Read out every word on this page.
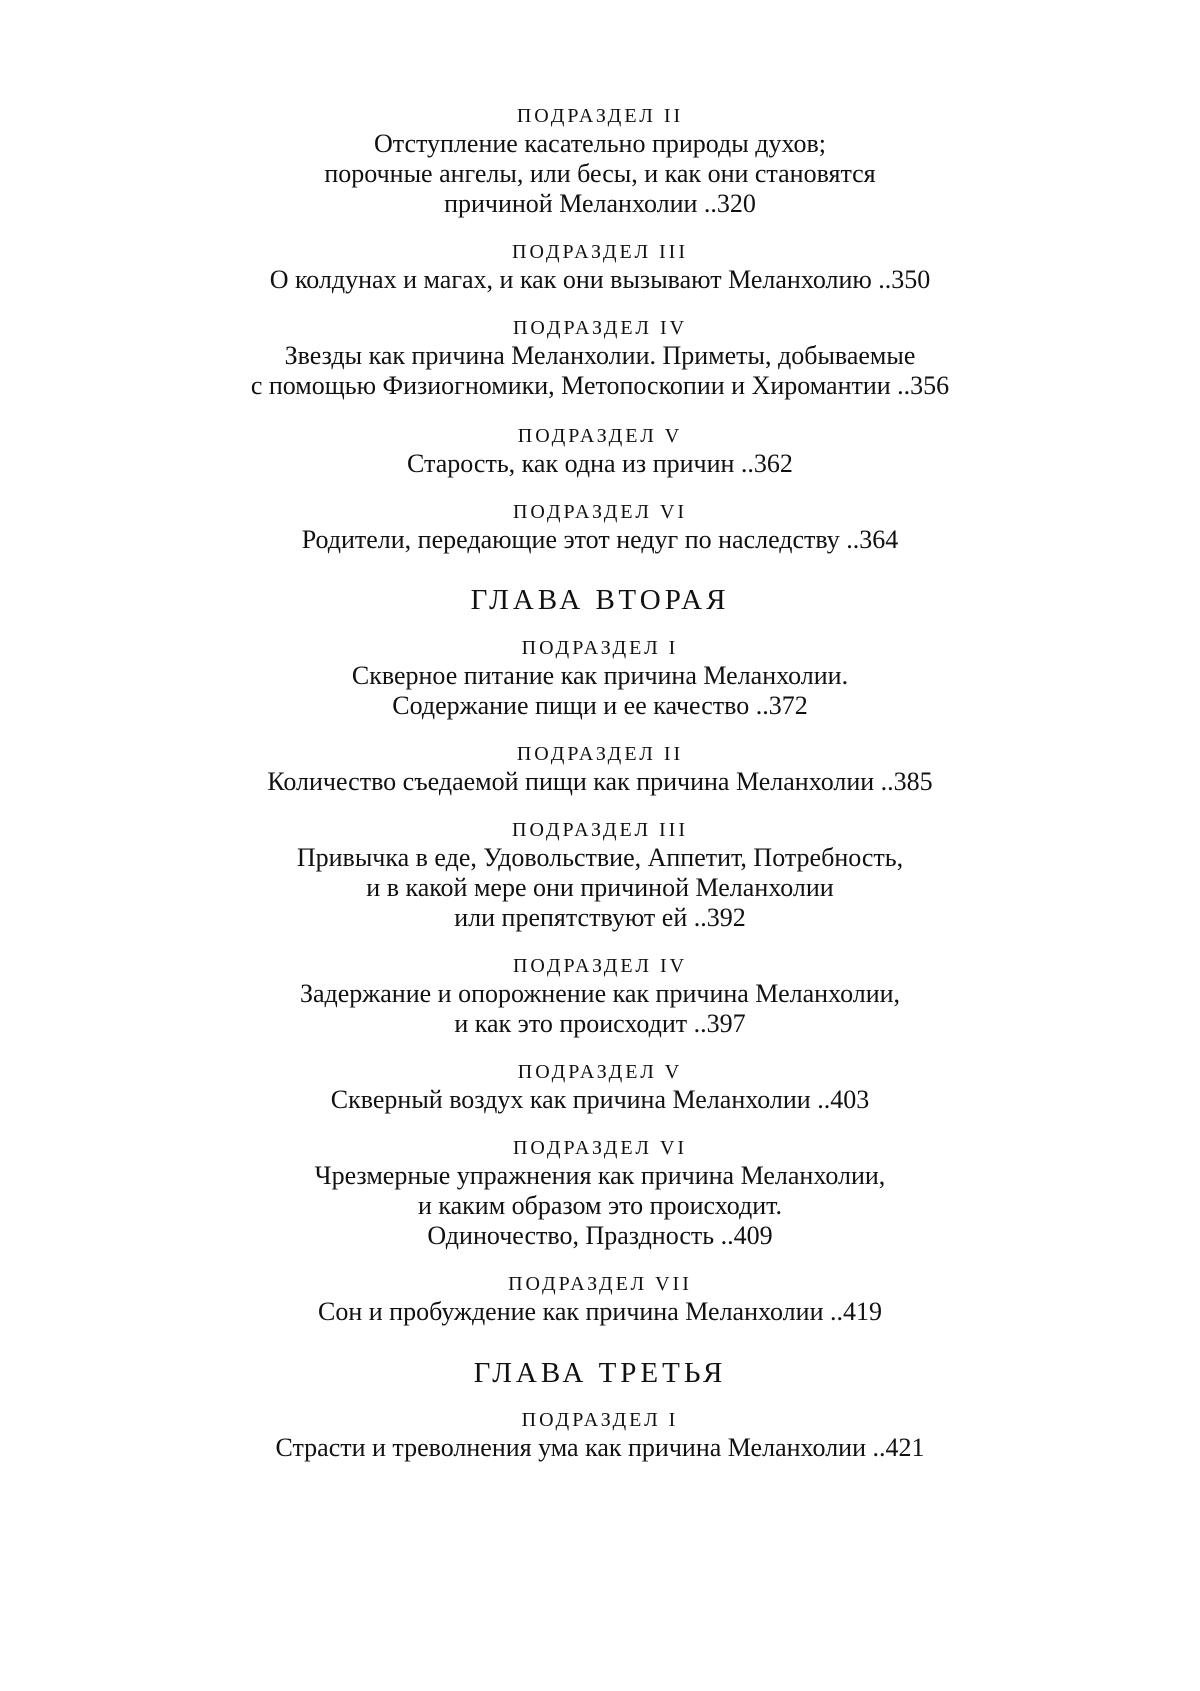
ПОДРАЗДЕЛ II
Отступление касательно природы духов;
порочные ангелы, или бесы, и как они становятся
причиной Меланхолии ..320
ПОДРАЗДЕЛ III
О колдунах и магах, и как они вызывают Меланхолию ..350
ПОДРАЗДЕЛ IV
Звезды как причина Меланхолии. Приметы, добываемые
с помощью Физиогномики, Метопоскопии и Хиромантии ..356
ПОДРАЗДЕЛ V
Старость, как одна из причин ..362
ПОДРАЗДЕЛ VI
Родители, передающие этот недуг по наследству ..364
ГЛАВА ВТОРАЯ
ПОДРАЗДЕЛ I
Скверное питание как причина Меланхолии.
Содержание пищи и ее качество ..372
ПОДРАЗДЕЛ II
Количество съедаемой пищи как причина Меланхолии ..385
ПОДРАЗДЕЛ III
Привычка в еде, Удовольствие, Аппетит, Потребность,
и в какой мере они причиной Меланхолии
или препятствуют ей ..392
ПОДРАЗДЕЛ IV
Задержание и опорожнение как причина Меланхолии,
и как это происходит ..397
ПОДРАЗДЕЛ V
Скверный воздух как причина Меланхолии ..403
ПОДРАЗДЕЛ VI
Чрезмерные упражнения как причина Меланхолии,
и каким образом это происходит.
Одиночество, Праздность ..409
ПОДРАЗДЕЛ VII
Сон и пробуждение как причина Меланхолии ..419
ГЛАВА ТРЕТЬЯ
ПОДРАЗДЕЛ I
Страсти и треволнения ума как причина Меланхолии ..421
